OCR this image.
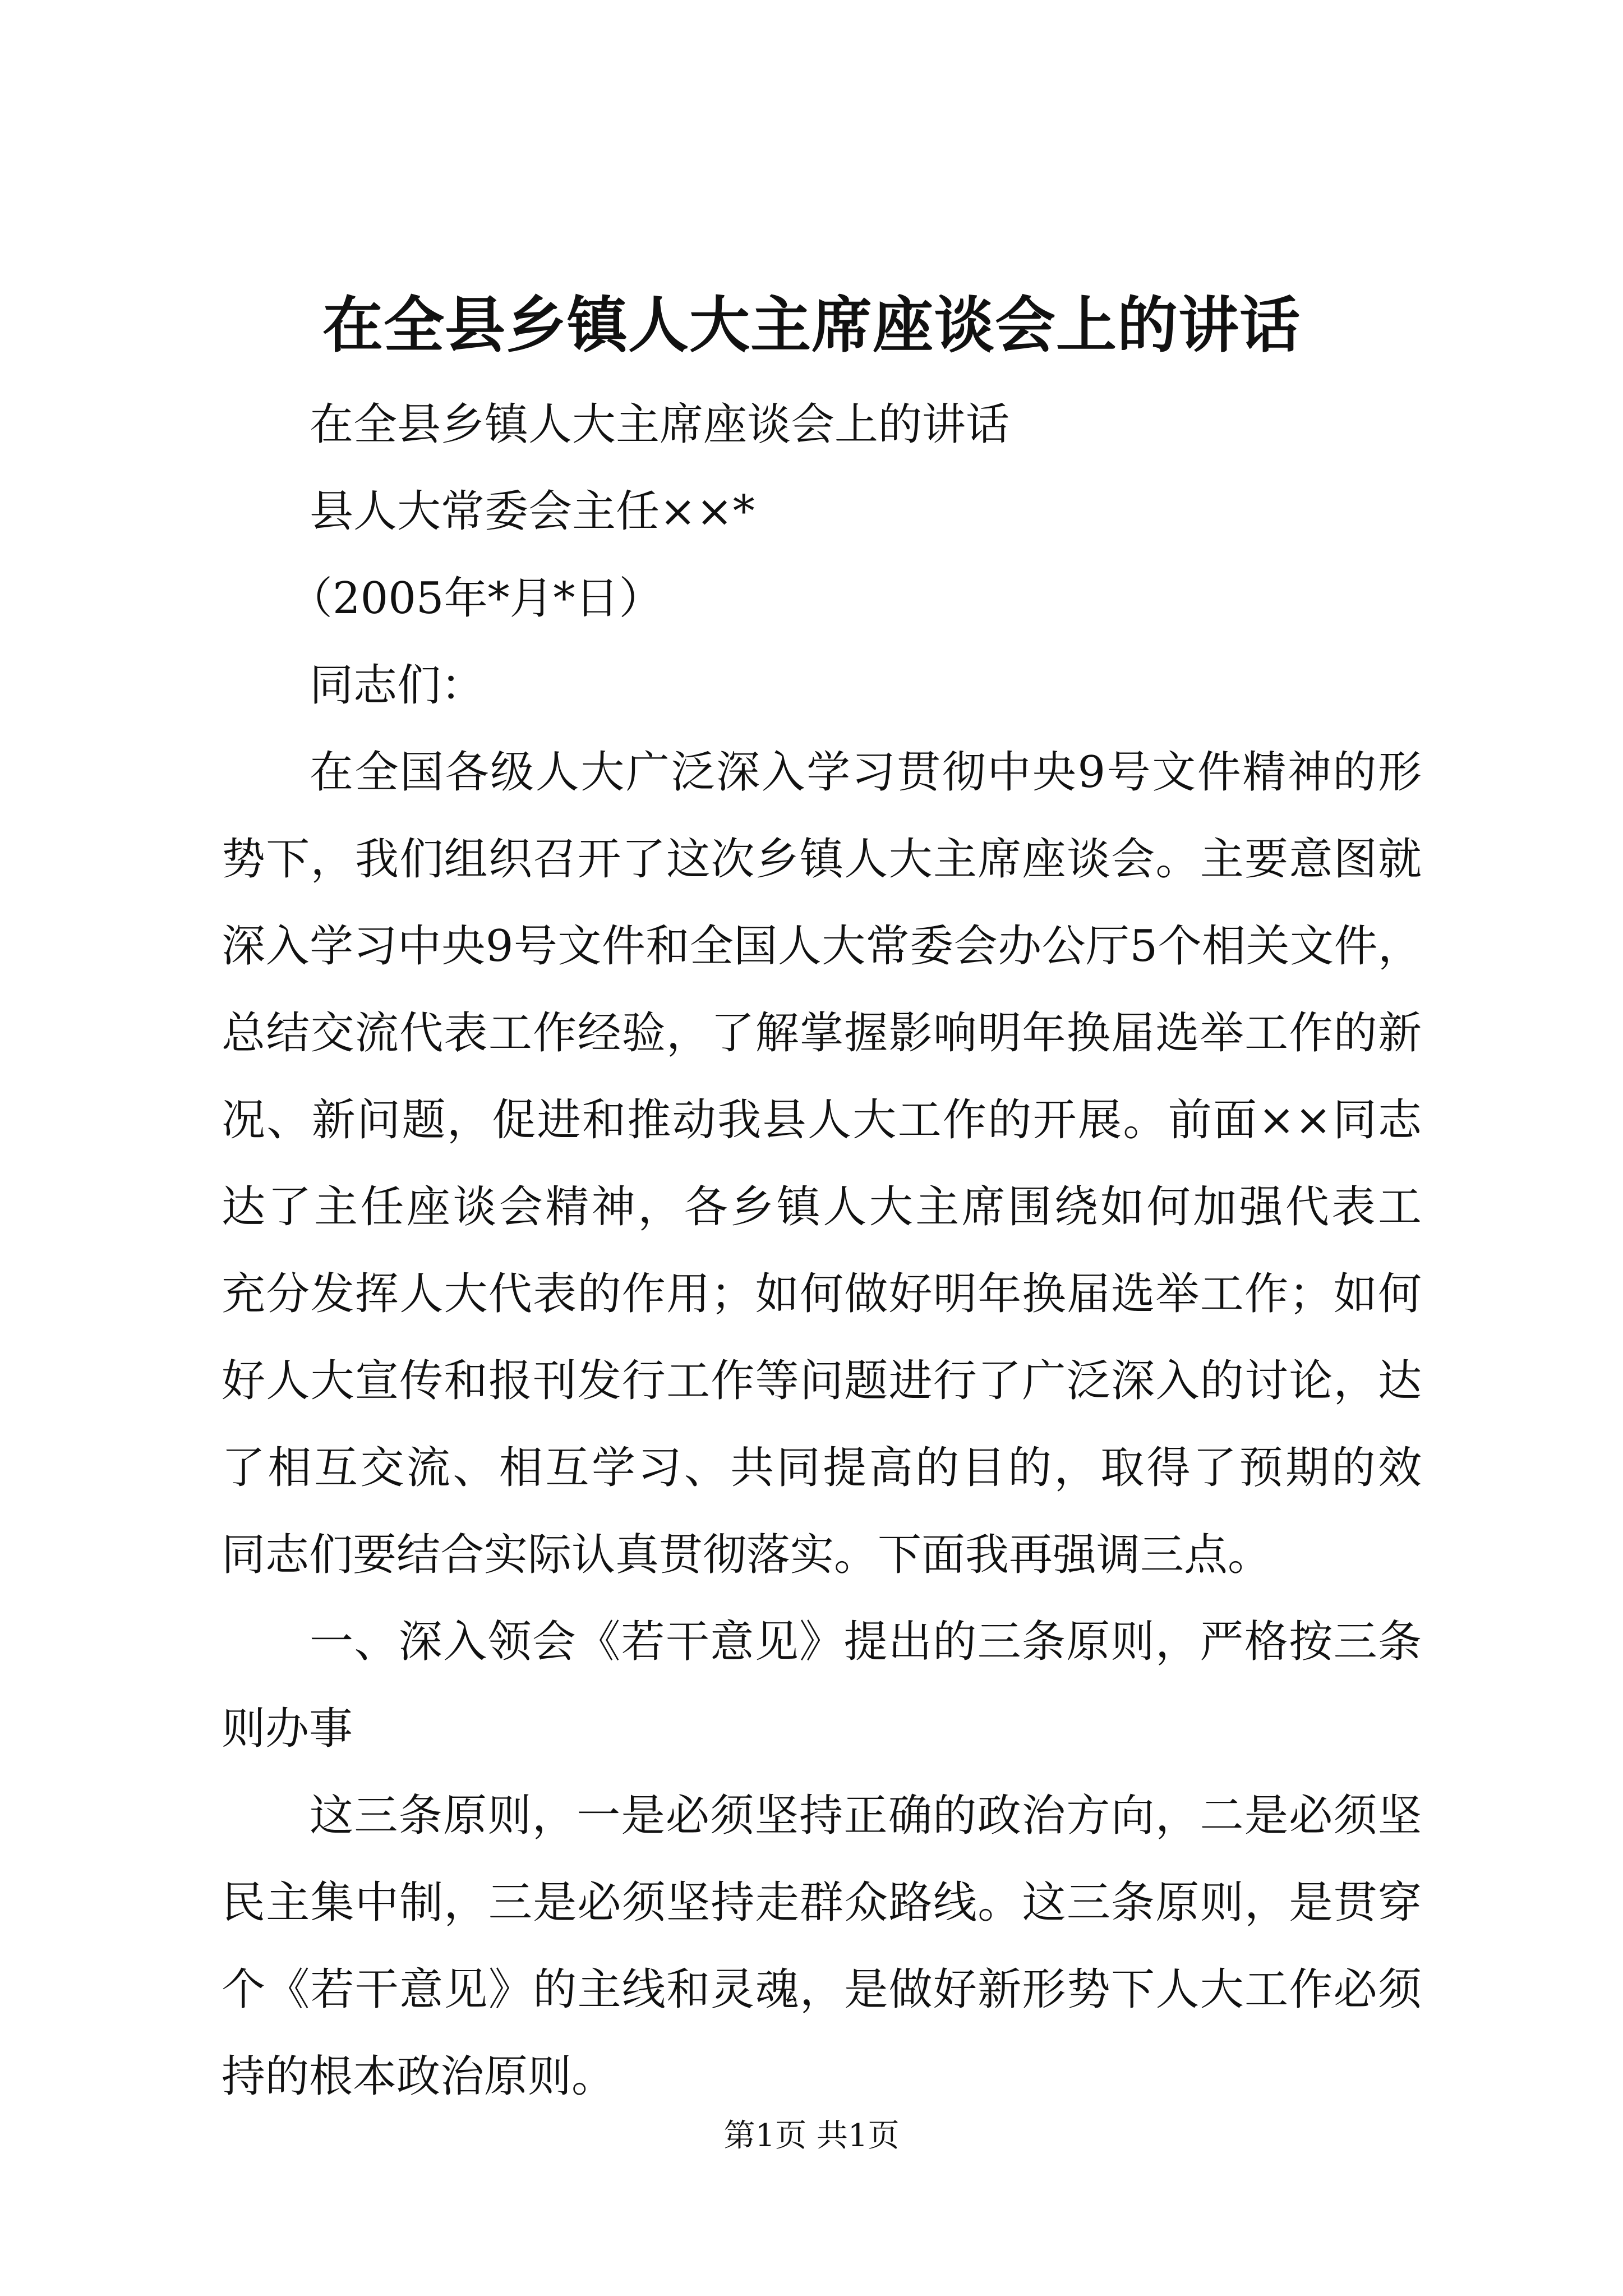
在全县乡镇人大主席座谈会上的讲话
在全县乡镇人大主席座谈会上的讲话
县人大常委会主任××*
（2005年*月*日）
同志们：
在全国各级人大广泛深入学习贯彻中央9号文件精神的形
势下，我们组织召开了这次乡镇人大主席座谈会。主要意图就
深入学习中央9号文件和全国人大常委会办公厅5个相关文件，
总结交流代表工作经验，了解掌握影响明年换届选举工作的新
况、新问题，促进和推动我县人大工作的开展。前面××同志
达了主任座谈会精神，各乡镇人大主席围绕如何加强代表工
充分发挥人大代表的作用；如何做好明年换届选举工作；如何
好人大宣传和报刊发行工作等问题进行了广泛深入的讨论，达
了相互交流、相互学习、共同提高的目的，取得了预期的效
同志们要结合实际认真贯彻落实。下面我再强调三点。
一、深入领会《若干意见》提出的三条原则，严格按三条
则办事
这三条原则，一是必须坚持正确的政治方向，二是必须坚
民主集中制，三是必须坚持走群众路线。这三条原则，是贯穿
个《若干意见》的主线和灵魂，是做好新形势下人大工作必须
持的根本政治原则。
第1页 共1页
